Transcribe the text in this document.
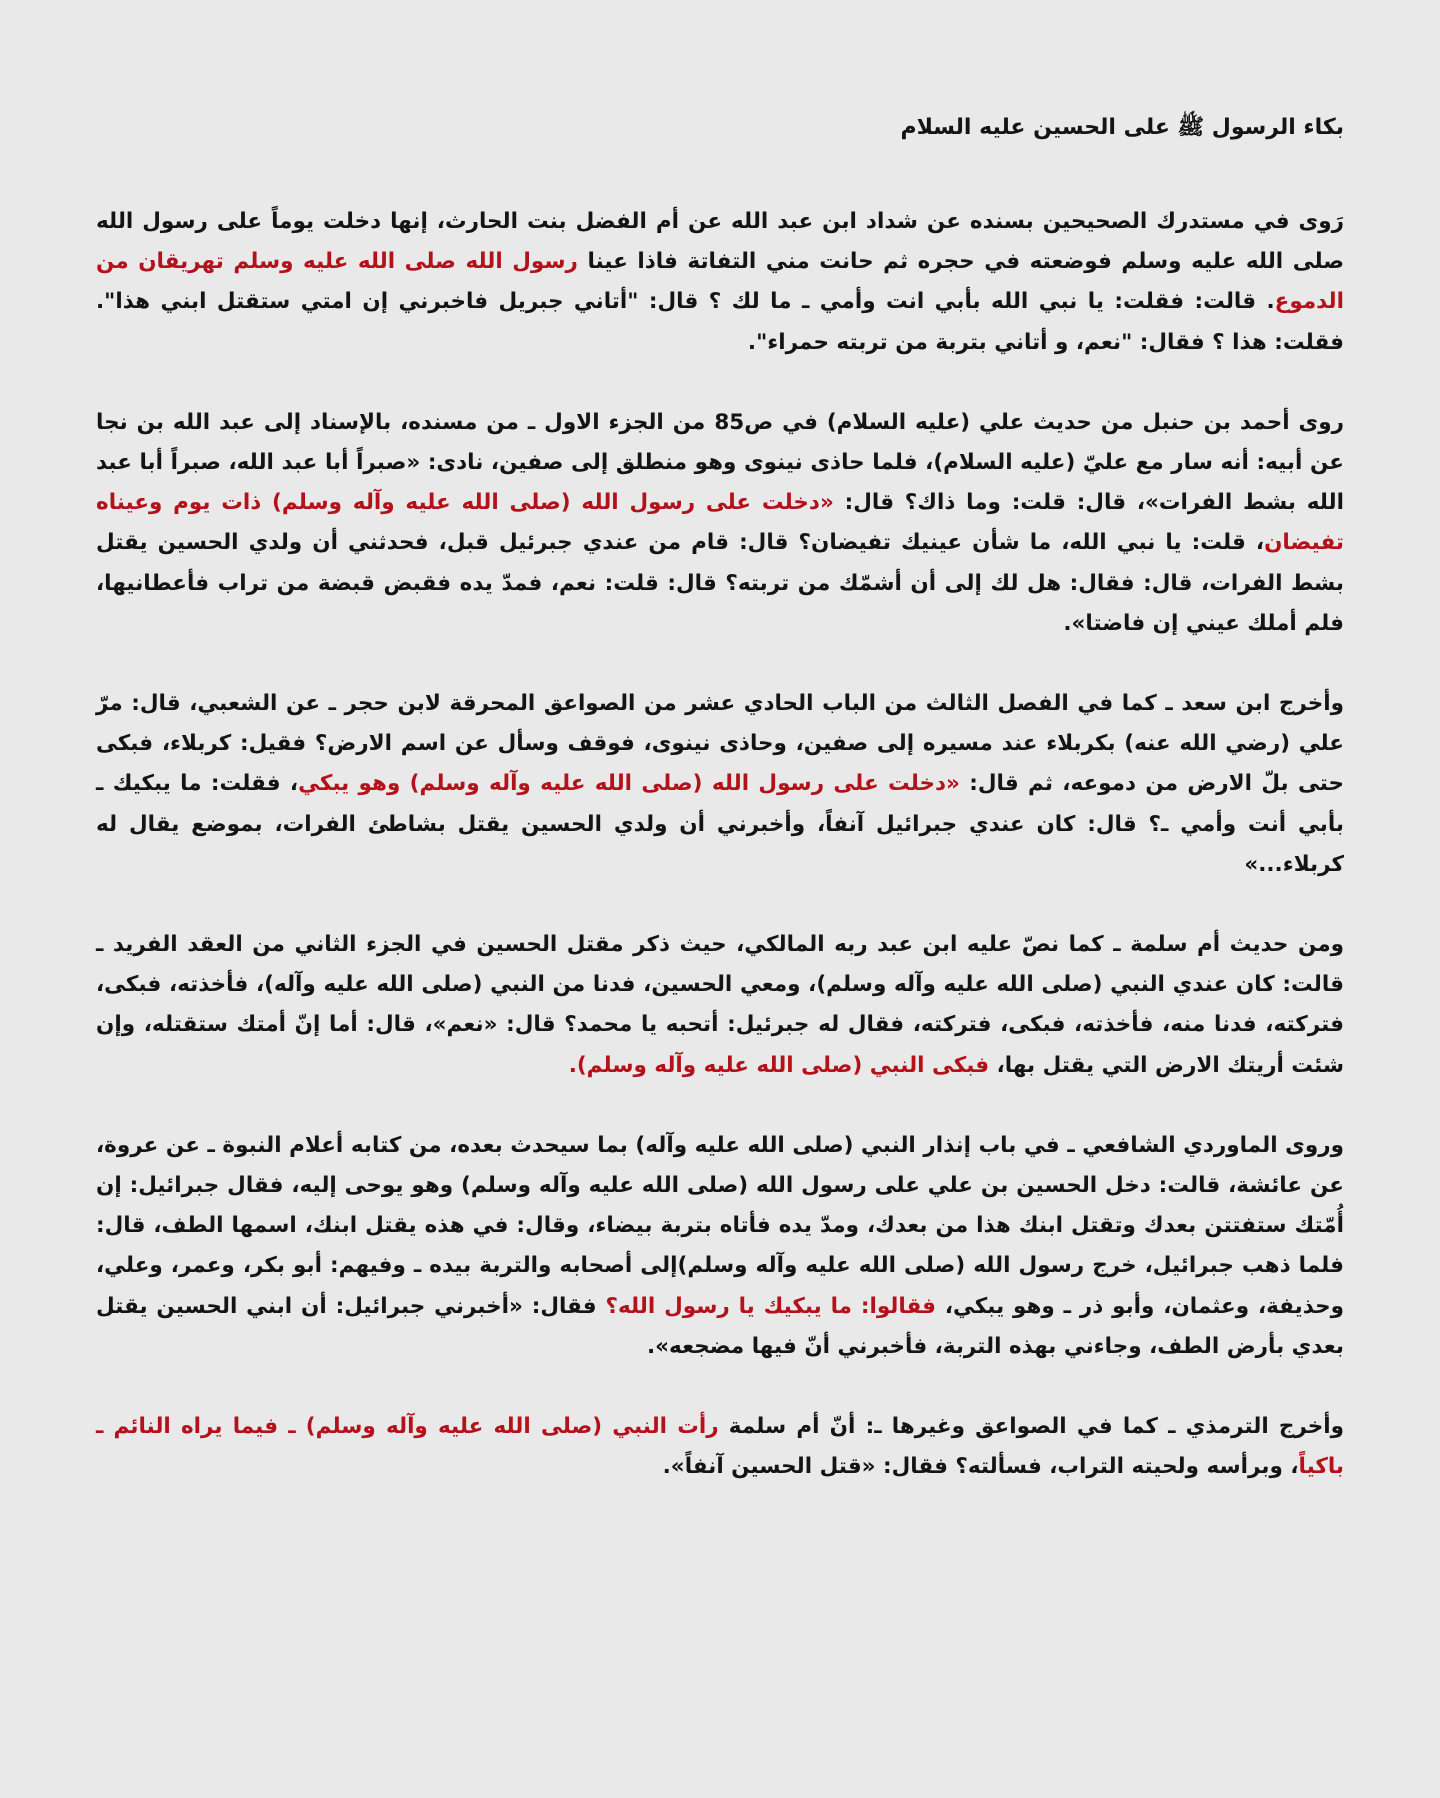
بكاء الرسول ﷺ على الحسين عليه السلام

رَوى في مستدرك الصحيحين بسنده عن شداد ابن عبد الله عن أم الفضل بنت الحارث، إنها دخلت يوماً على رسول الله صلى الله عليه وسلم فوضعته في حجره ثم حانت مني التفاتة فاذا عينا رسول الله صلى الله عليه وسلم تهريقان من الدموع. قالت: فقلت: يا نبي الله بأبي انت وأمي ـ ما لك ؟ قال: "أتاني جبريل فاخبرني إن امتي ستقتل ابني هذا". فقلت: هذا ؟ فقال: "نعم، و أتاني بتربة من تربته حمراء".

روى أحمد بن حنبل من حديث علي (عليه السلام) في ص85 من الجزء الاول ـ من مسنده، بالإسناد إلى عبد الله بن نجا عن أبيه: أنه سار مع عليّ (عليه السلام)، فلما حاذى نينوى وهو منطلق إلى صفين، نادى: «صبراً أبا عبد الله، صبراً أبا عبد الله بشط الفرات»، قال: قلت: وما ذاك؟ قال: «دخلت على رسول الله (صلى الله عليه وآله وسلم) ذات يوم وعيناه تفيضان، قلت: يا نبي الله، ما شأن عينيك تفيضان؟ قال: قام من عندي جبرئيل قبل، فحدثني أن ولدي الحسين يقتل بشط الفرات، قال: فقال: هل لك إلى أن أشمّك من تربته؟ قال: قلت: نعم، فمدّ يده فقبض قبضة من تراب فأعطانيها، فلم أملك عيني إن فاضتا».

وأخرج ابن سعد ـ كما في الفصل الثالث من الباب الحادي عشر من الصواعق المحرقة لابن حجر ـ عن الشعبي، قال: مرّ علي (رضي الله عنه) بكربلاء عند مسيره إلى صفين، وحاذى نينوى، فوقف وسأل عن اسم الارض؟ فقيل: كربلاء، فبكى حتى بلّ الارض من دموعه، ثم قال: «دخلت على رسول الله (صلى الله عليه وآله وسلم) وهو يبكي، فقلت: ما يبكيك ـ بأبي أنت وأمي ـ؟ قال: كان عندي جبرائيل آنفاً، وأخبرني أن ولدي الحسين يقتل بشاطئ الفرات، بموضع يقال له كربلاء...»

ومن حديث أم سلمة ـ كما نصّ عليه ابن عبد ربه المالكي، حيث ذكر مقتل الحسين في الجزء الثاني من العقد الفريد ـ قالت: كان عندي النبي (صلى الله عليه وآله وسلم)، ومعي الحسين، فدنا من النبي (صلى الله عليه وآله)، فأخذته، فبكى، فتركته، فدنا منه، فأخذته، فبكى، فتركته، فقال له جبرئيل: أتحبه يا محمد؟ قال: «نعم»، قال: أما إنّ أمتك ستقتله، وإن شئت أريتك الارض التي يقتل بها، فبكى النبي (صلى الله عليه وآله وسلم).

وروى الماوردي الشافعي ـ في باب إنذار النبي (صلى الله عليه وآله) بما سيحدث بعده، من كتابه أعلام النبوة ـ عن عروة، عن عائشة، قالت: دخل الحسين بن علي على رسول الله (صلى الله عليه وآله وسلم) وهو يوحى إليه، فقال جبرائيل: إن أُمّتك ستفتتن بعدك وتقتل ابنك هذا من بعدك، ومدّ يده فأتاه بتربة بيضاء، وقال: في هذه يقتل ابنك، اسمها الطف، قال: فلما ذهب جبرائيل، خرج رسول الله (صلى الله عليه وآله وسلم)إلى أصحابه والتربة بيده ـ وفيهم: أبو بكر، وعمر، وعلي، وحذيفة، وعثمان، وأبو ذر ـ وهو يبكي، فقالوا: ما يبكيك يا رسول الله؟ فقال: «أخبرني جبرائيل: أن ابني الحسين يقتل بعدي بأرض الطف، وجاءني بهذه التربة، فأخبرني أنّ فيها مضجعه».

وأخرج الترمذي ـ كما في الصواعق وغيرها ـ: أنّ أم سلمة رأت النبي (صلى الله عليه وآله وسلم) ـ فيما يراه النائم ـ باكياً، وبرأسه ولحيته التراب، فسألته؟ فقال: «قتل الحسين آنفاً».
